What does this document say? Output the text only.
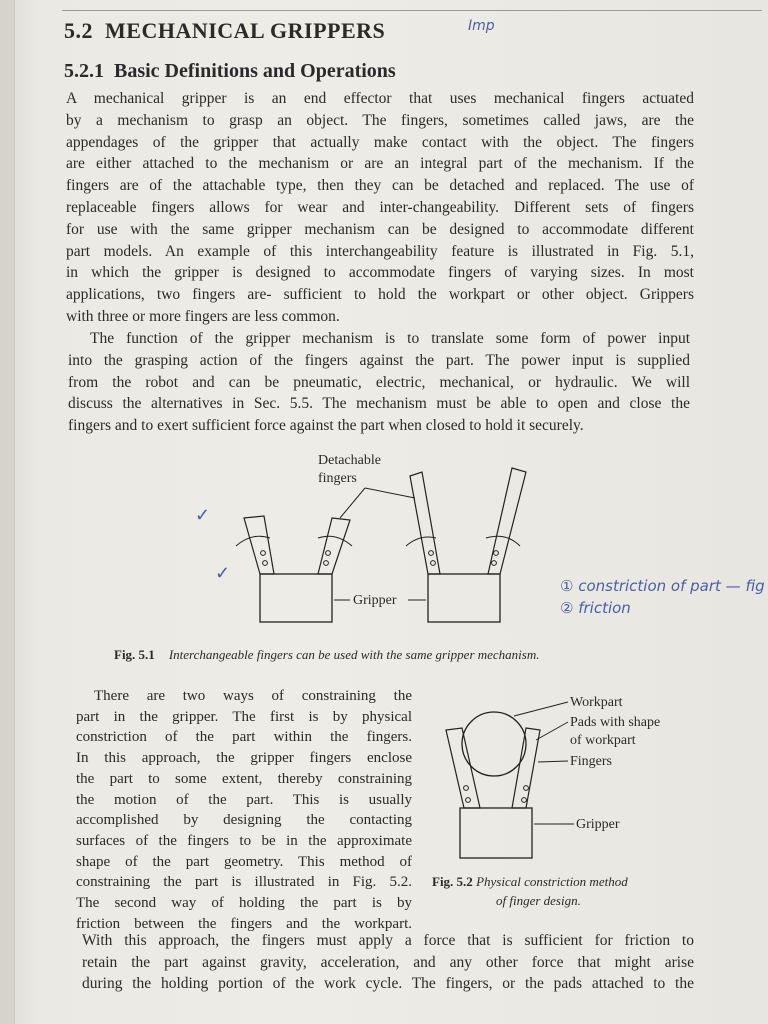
5.2 MECHANICAL GRIPPERS	Imp
5.2.1 Basic Definitions and Operations
A mechanical gripper is an end effector that uses mechanical fingers actuated
by a mechanism to grasp an object. The fingers, sometimes called jaws, are the
appendages of the gripper that actually make contact with the object. The fingers
are either attached to the mechanism or are an integral part of the mechanism. If the
fingers are of the attachable type, then they can be detached and replaced. The use of
replaceable fingers allows for wear and inter-changeability. Different sets of fingers
for use with the same gripper mechanism can be designed to accommodate different
part models. An example of this interchangeability feature is illustrated in Fig. 5.1,
in which the gripper is designed to accommodate fingers of varying sizes. In most
applications, two fingers are- sufficient to hold the workpart or other object. Grippers
with three or more fingers are less common.
The function of the gripper mechanism is to translate some form of power input
into the grasping action of the fingers against the part. The power input is supplied
from the robot and can be pneumatic, electric, mechanical, or hydraulic. We will
discuss the alternatives in Sec. 5.5. The mechanism must be able to open and close the
fingers and to exert sufficient force against the part when closed to hold it securely.
✓
✓
Detachable
fingers
Gripper
Fig. 5.1 Interchangeable fingers can be used with the same gripper mechanism.
① constriction of part — fig
② friction
There are two ways of constraining the
part in the gripper. The first is by physical
constriction of the part within the fingers.
In this approach, the gripper fingers enclose
the part to some extent, thereby constraining
the motion of the part. This is usually
accomplished by designing the contacting
surfaces of the fingers to be in the approximate
shape of the part geometry. This method of
constraining the part is illustrated in Fig. 5.2.
The second way of holding the part is by
friction between the fingers and the workpart.
Workpart
Pads with shape
of workpart
Fingers
Gripper
Fig. 5.2 Physical constriction method
of finger design.
With this approach, the fingers must apply a force that is sufficient for friction to
retain the part against gravity, acceleration, and any other force that might arise
during the holding portion of the work cycle. The fingers, or the pads attached to the
